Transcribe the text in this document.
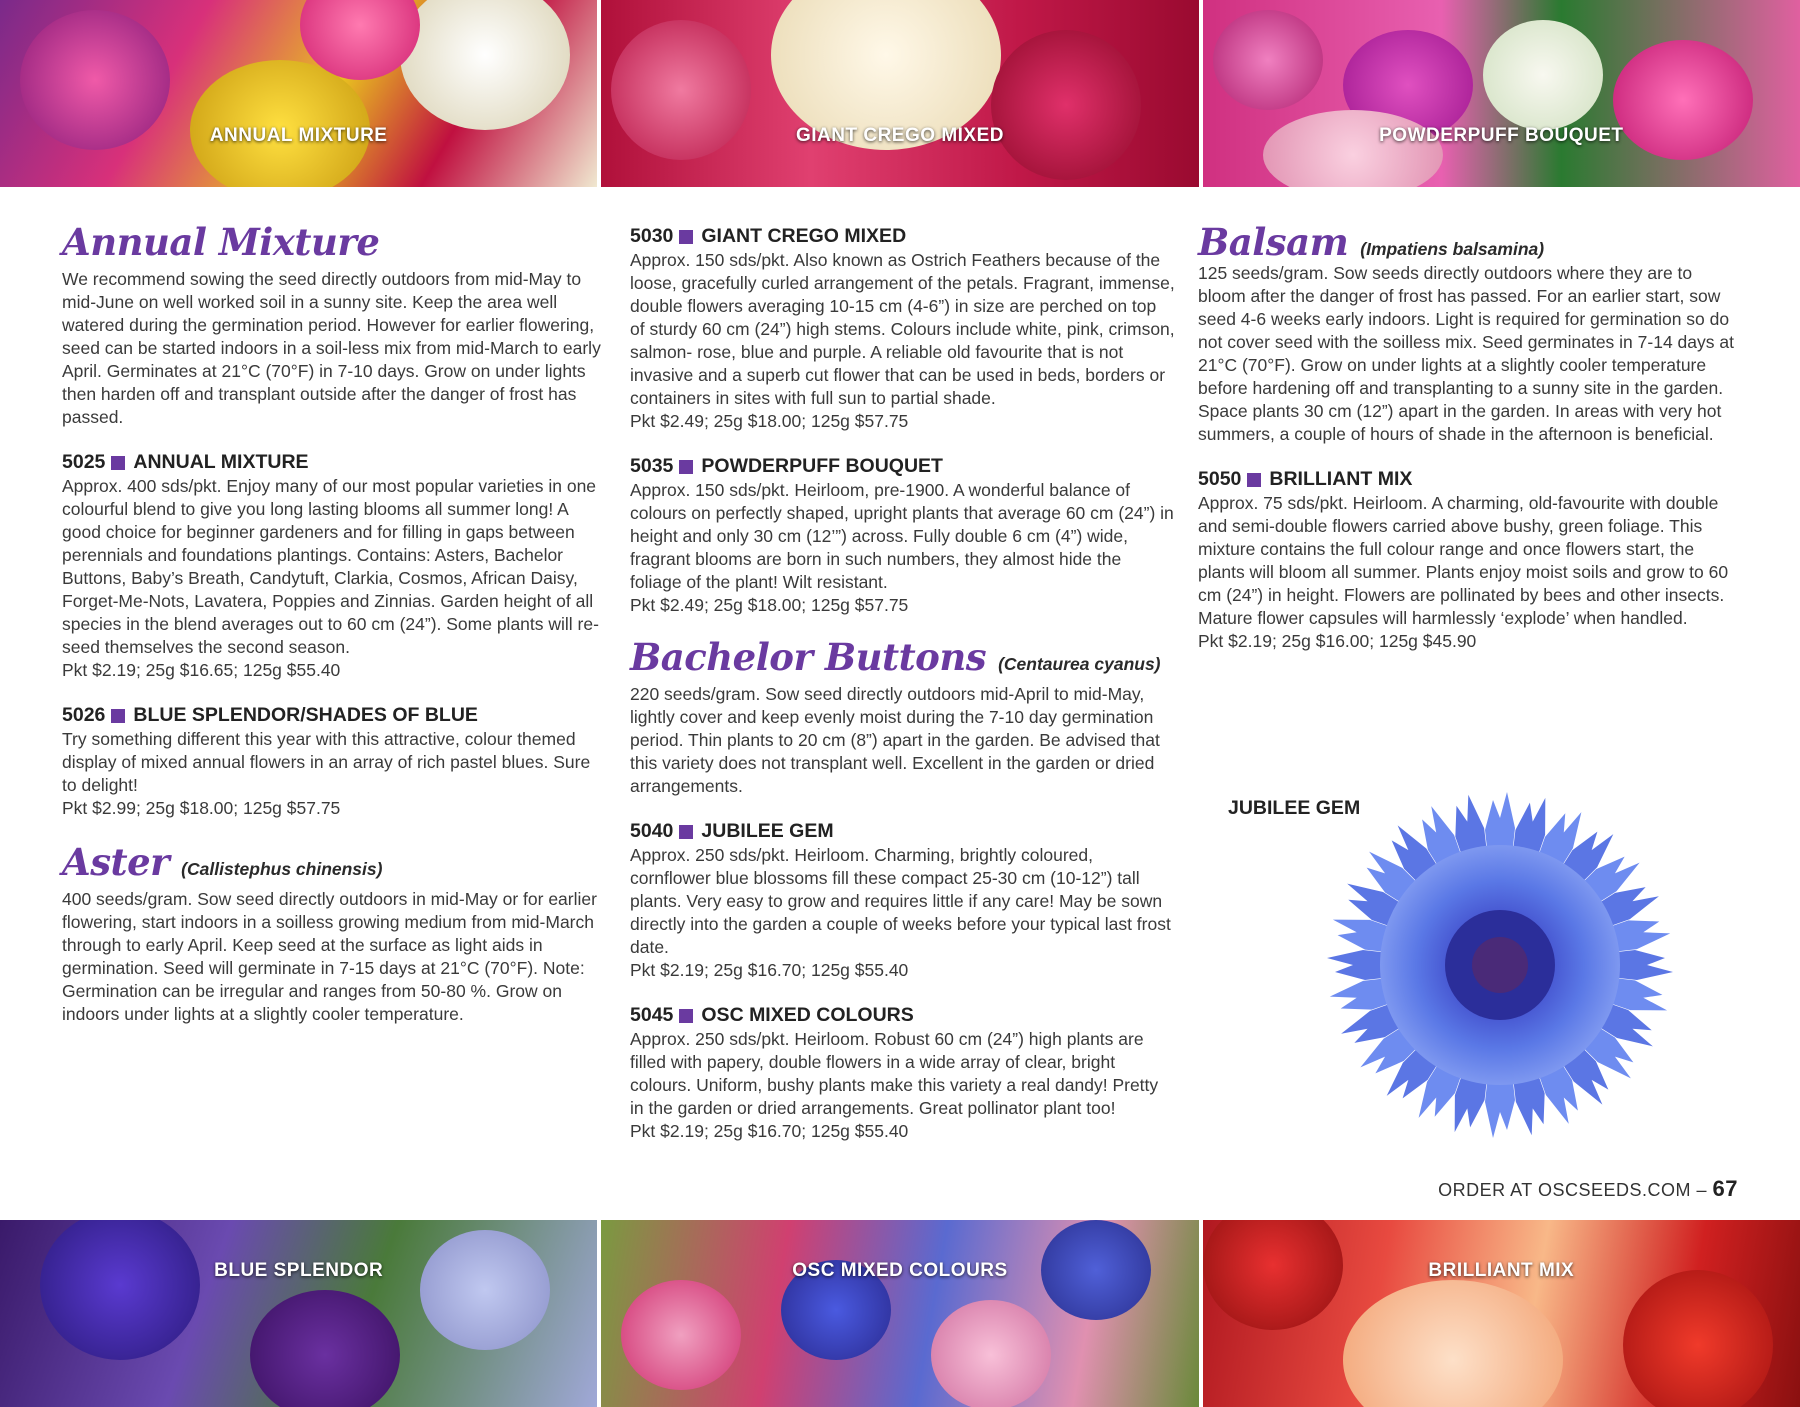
ANNUAL MIXTURE	GIANT CREGO MIXED	POWDERPUFF BOUQUET
Annual Mixture

We recommend sowing the seed directly outdoors from mid-May to mid-June on well worked soil in a sunny site. Keep the area well watered during the germination period. However for earlier flowering, seed can be started indoors in a soil-less mix from mid-March to early April. Germinates at 21°C (70°F) in 7-10 days. Grow on under lights then harden off and transplant outside after the danger of frost has passed.

5025 ANNUAL MIXTURE

Approx. 400 sds/pkt. Enjoy many of our most popular varieties in one colourful blend to give you long lasting blooms all summer long! A good choice for beginner gardeners and for filling in gaps between perennials and foundations plantings. Contains: Asters, Bachelor Buttons, Baby’s Breath, Candytuft, Clarkia, Cosmos, African Daisy, Forget-Me-Nots, Lavatera, Poppies and Zinnias. Garden height of all species in the blend averages out to 60 cm (24”). Some plants will re-seed themselves the second season.

Pkt $2.19; 25g $16.65; 125g $55.40

5026 BLUE SPLENDOR/SHADES OF BLUE

Try something different this year with this attractive, colour themed display of mixed annual flowers in an array of rich pastel blues. Sure to delight!

Pkt $2.99; 25g $18.00; 125g $57.75

Aster (Callistephus chinensis)

400 seeds/gram. Sow seed directly outdoors in mid-May or for earlier flowering, start indoors in a soilless growing medium from mid-March through to early April. Keep seed at the surface as light aids in germination. Seed will germinate in 7-15 days at 21°C (70°F). Note: Germination can be irregular and ranges from 50-80 %. Grow on indoors under lights at a slightly cooler temperature.

5030 GIANT CREGO MIXED

Approx. 150 sds/pkt. Also known as Ostrich Feathers because of the loose, gracefully curled arrangement of the petals. Fragrant, immense, double flowers averaging 10-15 cm (4-6”) in size are perched on top of sturdy 60 cm (24”) high stems. Colours include white, pink, crimson, salmon- rose, blue and purple. A reliable old favourite that is not invasive and a superb cut flower that can be used in beds, borders or containers in sites with full sun to partial shade.

Pkt $2.49; 25g $18.00; 125g $57.75

5035 POWDERPUFF BOUQUET

Approx. 150 sds/pkt. Heirloom, pre-1900. A wonderful balance of colours on perfectly shaped, upright plants that average 60 cm (24”) in height and only 30 cm (12’”) across. Fully double 6 cm (4”) wide, fragrant blooms are born in such numbers, they almost hide the foliage of the plant! Wilt resistant.

Pkt $2.49; 25g $18.00; 125g $57.75

Bachelor Buttons (Centaurea cyanus)

220 seeds/gram. Sow seed directly outdoors mid-April to mid-May, lightly cover and keep evenly moist during the 7-10 day germination period. Thin plants to 20 cm (8”) apart in the garden. Be advised that this variety does not transplant well. Excellent in the garden or dried arrangements.

5040 JUBILEE GEM

Approx. 250 sds/pkt. Heirloom. Charming, brightly coloured, cornflower blue blossoms fill these compact 25-30 cm (10-12”) tall plants. Very easy to grow and requires little if any care! May be sown directly into the garden a couple of weeks before your typical last frost date.

Pkt $2.19; 25g $16.70; 125g $55.40

5045 OSC MIXED COLOURS

Approx. 250 sds/pkt. Heirloom. Robust 60 cm (24”) high plants are filled with papery, double flowers in a wide array of clear, bright colours. Uniform, bushy plants make this variety a real dandy! Pretty in the garden or dried arrangements. Great pollinator plant too!

Pkt $2.19; 25g $16.70; 125g $55.40

Balsam (Impatiens balsamina)

125 seeds/gram. Sow seeds directly outdoors where they are to bloom after the danger of frost has passed. For an earlier start, sow seed 4-6 weeks early indoors. Light is required for germination so do not cover seed with the soilless mix. Seed germinates in 7-14 days at 21°C (70°F). Grow on under lights at a slightly cooler temperature before hardening off and transplanting to a sunny site in the garden. Space plants 30 cm (12”) apart in the garden. In areas with very hot summers, a couple of hours of shade in the afternoon is beneficial.

5050 BRILLIANT MIX

Approx. 75 sds/pkt. Heirloom. A charming, old-favourite with double and semi-double flowers carried above bushy, green foliage. This mixture contains the full colour range and once flowers start, the plants will bloom all summer. Plants enjoy moist soils and grow to 60 cm (24”) in height. Flowers are pollinated by bees and other insects. Mature flower capsules will harmlessly ‘explode’ when handled.

Pkt $2.19; 25g $16.00; 125g $45.90

JUBILEE GEM
ORDER AT OSCSEEDS.COM – 67
BLUE SPLENDOR	OSC MIXED COLOURS	BRILLIANT MIX
